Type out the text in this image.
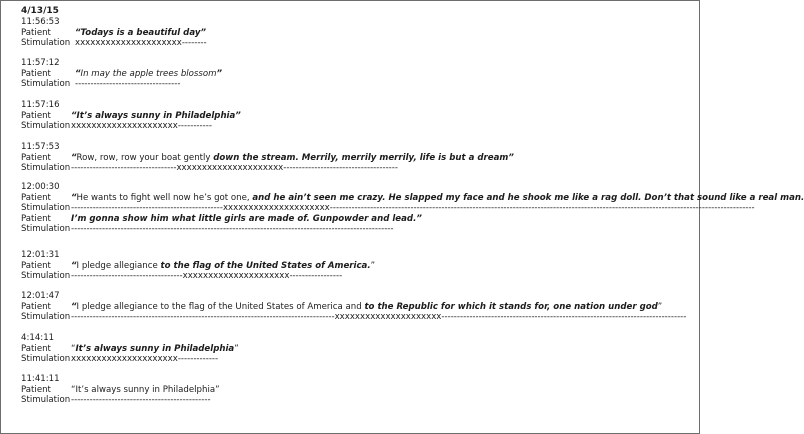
4/13/15
11:56:53
Patient	“Todays is a beautiful day”
Stimulation xxxxxxxxxxxxxxxxxxxxx--------
11:57:12
Patient	“In may the apple trees blossom”
Stimulation ----------------------------------
11:57:16
Patient “It’s always sunny in Philadelphia”
Stimulation xxxxxxxxxxxxxxxxxxxxx-----------
11:57:53
Patient “Row, row, row your boat gently down the stream. Merrily, merrily merrily, life is but a dream”
Stimulation ----------------------------------xxxxxxxxxxxxxxxxxxxxx-------------------------------------
12:00:30
Patient “He wants to fight well now he’s got one, and he ain’t seen me crazy. He slapped my face and he shook me like a rag doll. Don’t that sound like a real man.
Stimulation -------------------------------------------------xxxxxxxxxxxxxxxxxxxxx-----------------------------------------------------------------------------------------------------------------------------------------
Patient I’m gonna show him what little girls are made of. Gunpowder and lead.”
Stimulation --------------------------------------------------------------------------------------------------------
12:01:31
Patient “I pledge allegiance to the flag of the United States of America.”
Stimulation ------------------------------------xxxxxxxxxxxxxxxxxxxxx-----------------
12:01:47
Patient “I pledge allegiance to the flag of the United States of America and to the Republic for which it stands for, one nation under god”
Stimulation -------------------------------------------------------------------------------------xxxxxxxxxxxxxxxxxxxxx-------------------------------------------------------------------------------
4:14:11
Patient “It’s always sunny in Philadelphia”
Stimulation xxxxxxxxxxxxxxxxxxxxx-------------
11:41:11
Patient “It’s always sunny in Philadelphia”
Stimulation ---------------------------------------------
